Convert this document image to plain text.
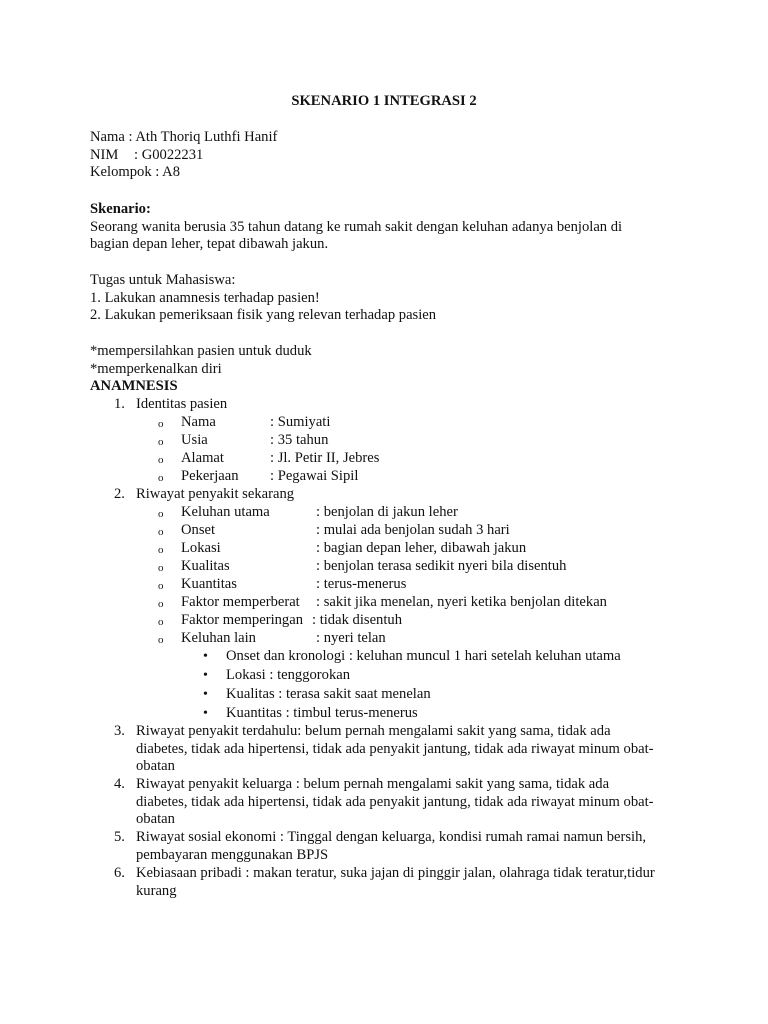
SKENARIO 1 INTEGRASI 2
Nama : Ath Thoriq Luthfi Hanif
NIM : G0022231
Kelompok : A8
Skenario:
Seorang wanita berusia 35 tahun datang ke rumah sakit dengan keluhan adanya benjolan di
bagian depan leher, tepat dibawah jakun.
Tugas untuk Mahasiswa:
1. Lakukan anamnesis terhadap pasien!
2. Lakukan pemeriksaan fisik yang relevan terhadap pasien
*mempersilahkan pasien untuk duduk
*memperkenalkan diri
ANAMNESIS
1. Identitas pasien
o Nama	: Sumiyati
o Usia	: 35 tahun
o Alamat	: Jl. Petir II, Jebres
o Pekerjaan : Pegawai Sipil
2. Riwayat penyakit sekarang
o Keluhan utama	: benjolan di jakun leher
o Onset	: mulai ada benjolan sudah 3 hari
o Lokasi	: bagian depan leher, dibawah jakun
o Kualitas	: benjolan terasa sedikit nyeri bila disentuh
o Kuantitas	: terus-menerus
o Faktor memperberat : sakit jika menelan, nyeri ketika benjolan ditekan
o Faktor memperingan : tidak disentuh
o Keluhan lain	: nyeri telan
• Onset dan kronologi : keluhan muncul 1 hari setelah keluhan utama
• Lokasi : tenggorokan
• Kualitas : terasa sakit saat menelan
• Kuantitas : timbul terus-menerus
3. Riwayat penyakit terdahulu: belum pernah mengalami sakit yang sama, tidak ada
diabetes, tidak ada hipertensi, tidak ada penyakit jantung, tidak ada riwayat minum obat-
obatan
4. Riwayat penyakit keluarga : belum pernah mengalami sakit yang sama, tidak ada
diabetes, tidak ada hipertensi, tidak ada penyakit jantung, tidak ada riwayat minum obat-
obatan
5. Riwayat sosial ekonomi : Tinggal dengan keluarga, kondisi rumah ramai namun bersih,
pembayaran menggunakan BPJS
6. Kebiasaan pribadi : makan teratur, suka jajan di pinggir jalan, olahraga tidak teratur,tidur
kurang
